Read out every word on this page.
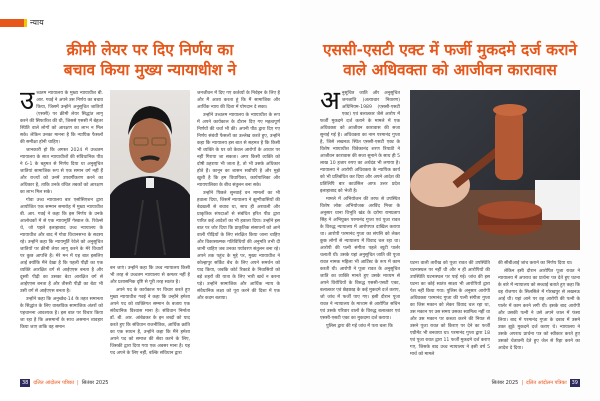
न्याय
क्रीमी लेयर पर दिए निर्णय का
बचाव किया मुख्य न्यायाधीश ने
उ च्चतम न्यायालय के मुख्य न्यायाधीश बी. आर. गवई ने अपने उस निर्णय का बचाव किया, जिसमें उन्होंने अनुसूचित जातियों (एससी) पर क्रीमी लेयर सिद्धांत लागू करने की सिफारिश की थी, जिससे एससी में बेहतर स्थिति वाले लोगों को आरक्षण का लाभ न मिल सके। लेकिन उनका मानना है कि न्यायिक फैसलों की समीक्षा होनी चाहिए।

जानकारी हो कि अगस्त 2024 में उच्चतम न्यायालय के सात न्यायाधीशों की संविधानिक पीठ ने 6-1 के बहुमत से निर्णय दिया था अनुसूचित जातियां सामाजिक रूप से एक समान वर्ग नहीं हैं और राज्यों को उनमें उपवर्गीकरण करने का अधिकार है, ताकि उनके वंचित तबकों को आरक्षण का लाभ मिल सके।

गोवा उच्च न्यायालय बार एसोसिएशन द्वारा आयोजित एक सम्मान समारोह में मुख्य न्यायाधीश बी. आर. गवई ने कहा कि इस निर्णय के उनके आलोचकों में से एक न्यायमूर्ति गेस्वाल के. रिवेल्से थे, जो पहले इलाहाबाद उच्च न्यायालय के न्यायाधीश और बाद में गोवा विधानसभा के सदस्य रहे। उन्होंने कहा कि न्यायमूर्ति रेवेले को अनुसूचित जातियों पर क्रीमी लेयर लागू करने के मेरे विचारों पर कुछ आपत्ति है। मेरे मन में यह बात इसलिए आई क्योंकि मैंने देखा है कि पहली पीढ़ी का एक व्यक्ति आरक्षित वर्ग से आईएएस बनता है और दूसरी पीढ़ी का उसका बेटा आरक्षित वर्ग से आईएएस बनता है और तीसरी पीढ़ी का बेटा भी उसी वर्ग से आईएएस बनता है।

उन्होंने कहा कि अनुच्छेद-14 के तहत समानता के सिद्धांत के लिए वास्तविक सामाजिक अंतरों को पहचानना आवश्यक है। इस बात पर विचार किया जा रहा है कि असमानों के साथ असमान व्यवहार किया जाए ताकि वह समान

बन जाएं। उन्होंने कहा कि उच्च न्यायालय किसी भी तरह से उच्चतम न्यायालय से कमतर नहीं है और प्रशासनिक दृष्टि से पूरी तरह स्वतंत्र है।

अपने पद के कार्यकाल पर विचार करते हुए मुख्य न्यायाधीश गवई ने कहा कि उन्होंने हमेशा अपने पद को व्यक्तिगत सम्मान के बजाय एक संवैधानिक विश्वास माना है। संविधान निर्माता डॉ. बी. आर. आंबेडकर के इन शब्दों को याद करते हुए कि संविधान राजनीतिक, आर्थिक क्रांति का एक साधन है, उन्होंने कहा कि मैंने हमेशा अपने पद को समाज की सेवा करने के लिए, जिसकी द्वारा दिया गया एक अवसर माना है। यह पद अपने के लिए नहीं, बल्कि संविधान द्वारा

जनजीवन में दिए गए कर्तव्यों के निर्वहन के लिए है और मैं आशा करता हूं कि मैं सामाजिक और आर्थिक न्याय की दिशा में योगदान दे सका।

उन्होंने उच्चतम न्यायालय के न्यायाधीश के रूप में अपने कार्यकाल के दौरान दिए गए महत्वपूर्ण निर्णयों की चर्चा भी की। अपनी पीठ द्वारा दिए गए निर्णय संबंधी फैसलों का उल्लेख करते हुए, उन्होंने कहा कि न्यायालय इस बात से सहमत है कि किसी भी व्यक्ति के घर को केवल आरोपों के आधार पर नहीं गिराया जा सकता। अगर किसी व्यक्ति को दोषी ठहराया भी जाता है, तो भी उसके अधिकार होते हैं। कानून का शासन सर्वोपरि है और मुझे खुशी है कि हम विधायिका, कार्यपालिका और न्यायपालिका के बीच संतुलन बना सके।

उन्होंने पिछले सुनवाई वन मामलों का भी हवाला दिया, जिसमें न्यायालय ने झुग्गीवासियों की बेदखली से बचाव था, साथ ही अरावली और प्राकृतिक संपदाओं से संबंधित हरित पीठ द्वारा पारित कई आदेशों का भी हवाला दिया। उन्होंने इस बात पर जोर दिया कि प्राकृतिक संसाधनों को आने वाली पीढ़ियों के लिए संरक्षित किया जाना चाहिए और विकासात्मक गतिविधियों की अनुमति तभी दी जानी चाहिए जब उनका पर्यावरण संतुलन बना रहे। अपने तक पहुंच के मुद्दे पर, मुख्य न्यायाधीश ने कोल्हापुर सर्किट बेंच के लिए अपने समर्थन को याद किया, जबकि कोर्ट रिकार्ड के निवासियों को बड़े शहरों की यात्रा के लिए भारी खर्च न करना पड़े। उन्होंने सामाजिक और आर्थिक न्याय के संवैधानिक लक्ष्य को पूरा करने की दिशा में एक और कदम बताया।

38	दलित आंदोलन पत्रिका | सितंबर 2025
एससी-एसटी एक्ट में फर्जी मुकदमे दर्ज कराने
वाले अधिवक्ता को आजीवन कारावास
अ नुसूचित जाति और अनुसूचित जनजाति (अत्याचार निवारण) अधिनियम-1989 (एससी-एसटी एक्ट) एवं बलात्कार जैसे आरोप में फर्जी मुकदमे दर्ज कराने के मामले में एक अधिवक्ता को आजीवन कारावास की सजा सुनाई गई है। अधिवक्ता का नाम परमानंद गुप्ता है, जिसे लखनऊ स्थित एससी-एसटी एक्ट के विशेष न्यायाधीश विवेकानंद शरण त्रिपाठी ने आजीवन कारावास की सजा सुनाने के साथ ही 5 लाख 10 हजार रुपए का अर्थदंड भी लगाया है। न्यायालय ने आरोपी अधिवक्ता के न्यायिक कार्य को भी प्रतिबंधित कर दिया और अपने आदेश की प्रतिलिपि बार काउंसिल आफ उत्तर प्रदेश इलाहाबाद को भेजी है।

मामले में अभियोजन की तरफ से उपस्थित विशेष लोक अभियोजक अरविंद मिश्रा के अनुसार थाना विभूति खंड के दरोगा रामप्रताप सिंह ने अभियुक्त परमानंद गुप्ता एवं पूजा रावत के विरुद्ध न्यायालय में आरोपपत्र दाखिल कराया था। आरोपी परमानंद गुप्ता का संपत्ति को लेकर कुछ लोगों से न्यायालय में विवाद चल रहा था। आरोपी की पत्नी संगीता पहले ब्यूटी पार्लर चलाती थी। उसके यहां अनुसूचित जाति की पूजा रावत नामक महिला भी आर्टिस्ट के रूप में काम करती थी। आरोपी ने पूजा रावत के अनुसूचित जाति का व्यक्ति मानते हुए उसके माध्यम से अपने विरोधियों के विरुद्ध एससी-एसटी एक्ट, बलात्कार एवं छेड़छाड़ के कई मुकदमे दर्ज कराए, जो जांच में फर्जी पाए गए। इसी दौरान पूजा रावत ने न्यायालय के माध्यम से आरोपित सचिन एवं उसके परिवार वालों के विरुद्ध बलात्कार एवं एससी-एसटी एक्ट का मुकदमा दर्ज कराया।

पुलिस द्वारा की गई जांच में पता चला कि

घटना वाली तारीख को पूजा रावत की उपस्थिति घटनास्थल पर नहीं थी और न ही आरोपियों की उपस्थिति घटनास्थल पर पाई गई। जांच की इस घटना का कोई स्वतंत्र साक्ष्य भी आरोपियों द्वारा पेश नहीं किया गया। पुलिस के अनुसार आरोपी अधिवक्ता परमानंद गुप्ता की पत्नी संगीता गुप्ता का जिस मकान को लेकर विवाद चल रहा था, उस मकान पर उस समय उसका स्वामित्व नहीं था और उस मकान पर कब्जा करने की नियत से उसने पूजा रावत को किराए पर देने का फर्जी एग्रीमेंट भी बनवाया था। परमानंद गुप्ता द्वारा 18 एवं पूजा रावत द्वारा 11 फर्जी मुकदमे दर्ज कराए गए, जिसके बाद उच्च न्यायालय ने इसी वर्ष 5 मार्च को मामले

की सीबीआई जांच कराने का निर्णय दिया था।

लेकिन इसी दौरान आरोपित पूजा रावत ने न्यायालय में अपराध का प्रार्थना पत्र देते हुए घटना के बारे में न्यायालय को सच्चाई बताते हुए कहा कि वह रोजगार के सिलसिले में गोरखपुर से लखनऊ आई थी। यहां आने पर वह आरोपी की पत्नी के पार्लर में काम करने लगी थी। इसके बाद आरोपी और उसकी पत्नी ने उसे अपने जाल में फंसा लिया। बाद में परमानंद गुप्ता के दबाव में उसने उक्त झूठे मुकदमे दर्ज कराए थे। न्यायालय ने उसके अपराध प्रार्थना पत्र को स्वीकार करते हुए उसको चेतावनी देते हुए जेल से रिहा करने का आदेश दे दिया।

सितंबर 2025 | दलित आंदोलन पत्रिका	39
